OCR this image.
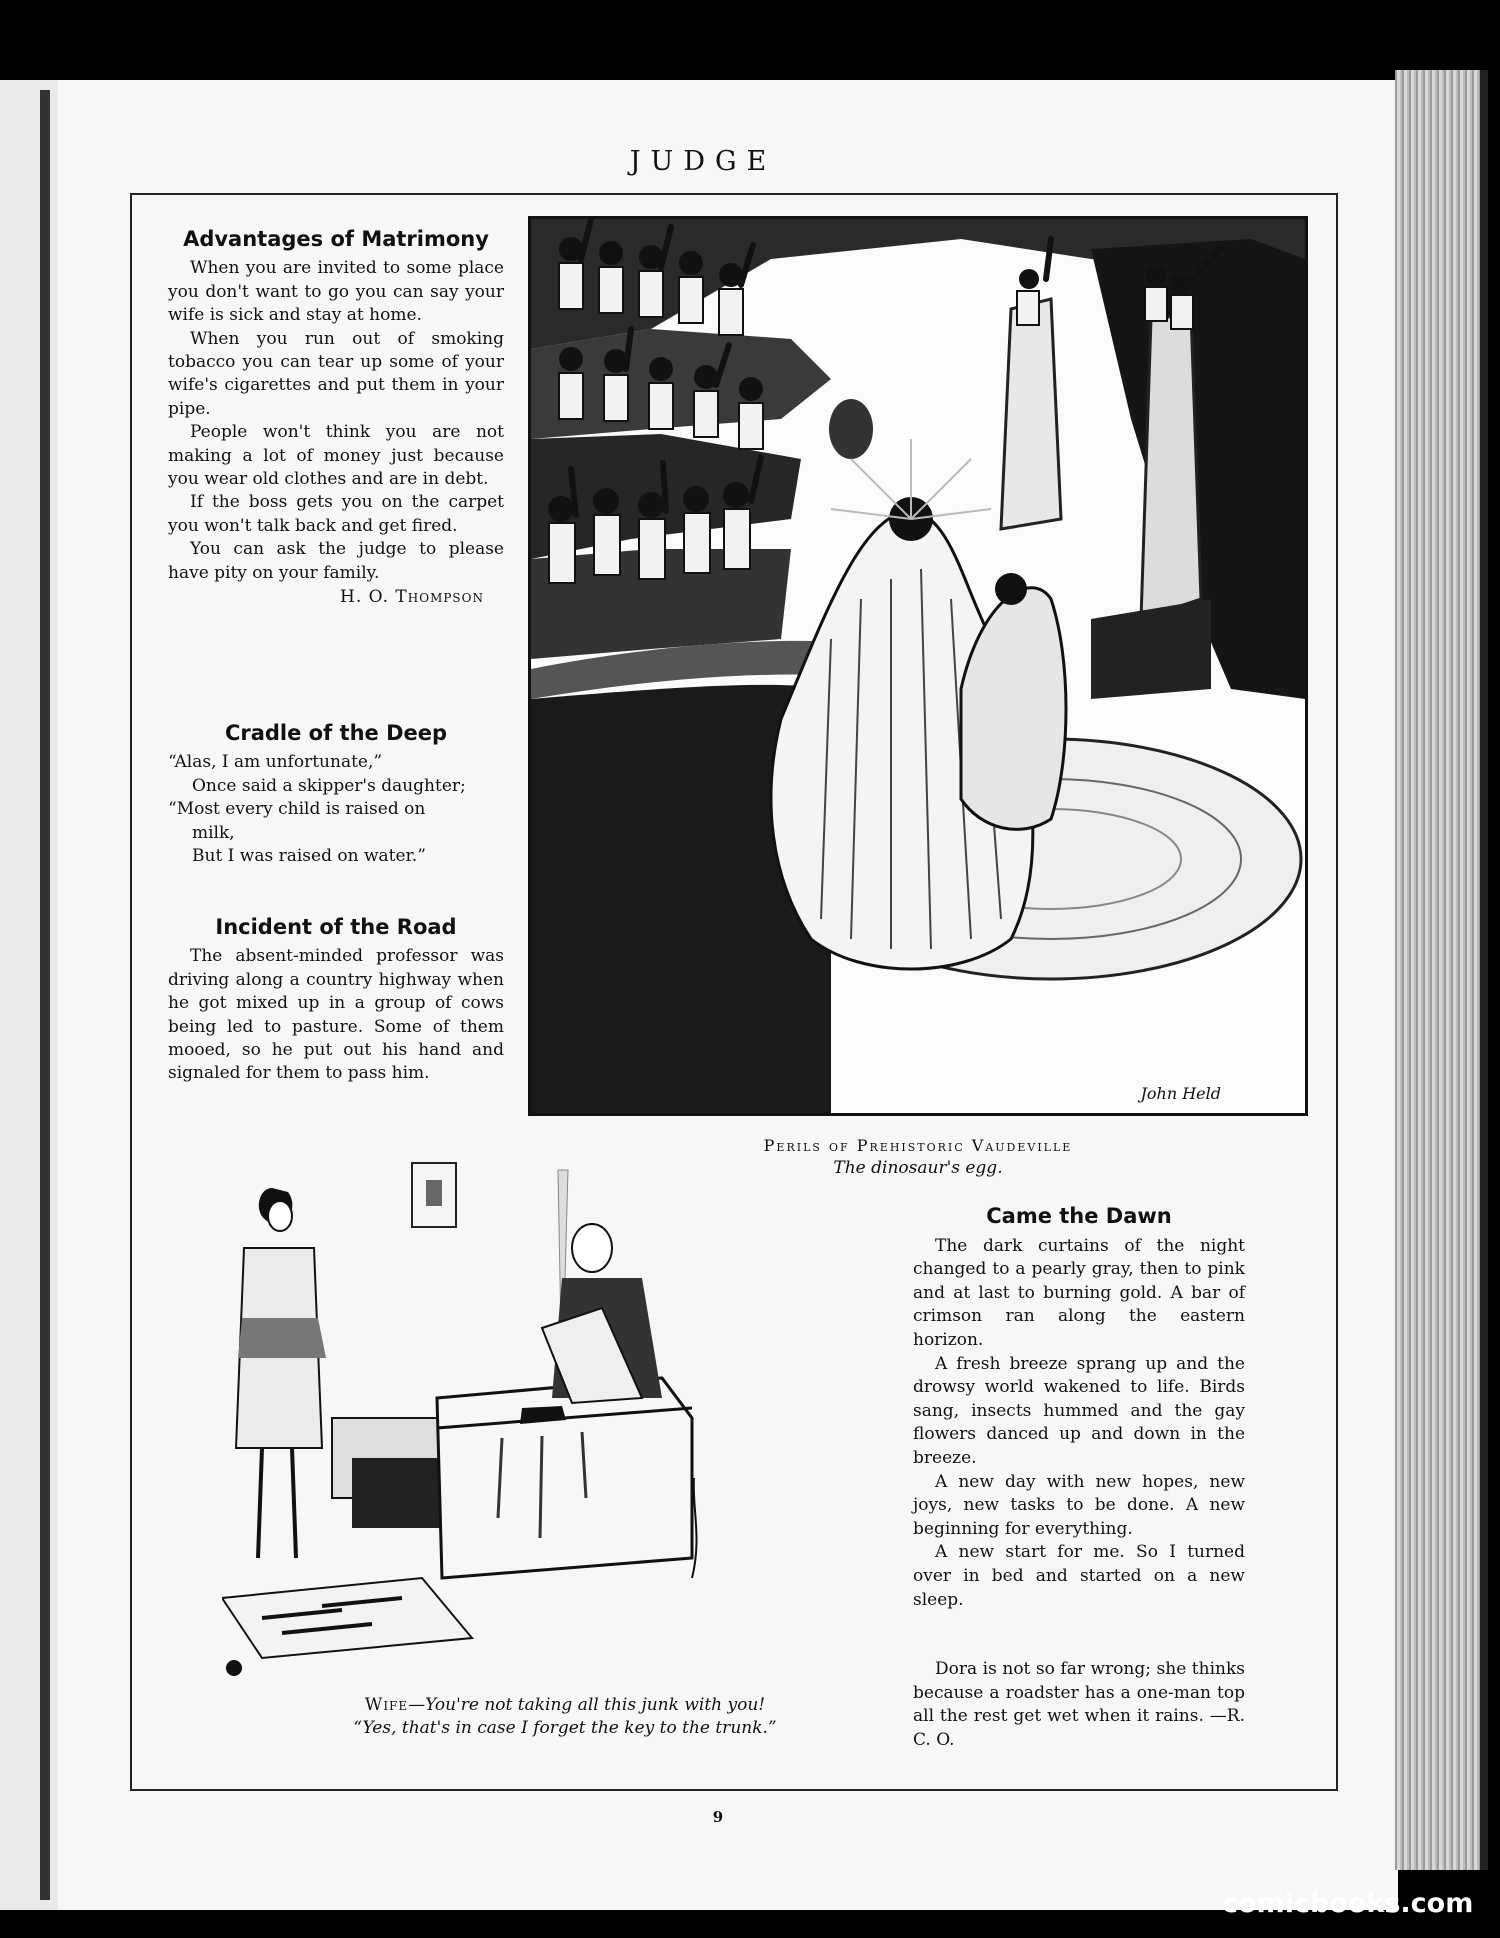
JUDGE
Advantages of Matrimony

When you are invited to some place you don't want to go you can say your wife is sick and stay at home.

When you run out of smoking tobacco you can tear up some of your wife's cigarettes and put them in your pipe.

People won't think you are not making a lot of money just because you wear old clothes and are in debt.

If the boss gets you on the carpet you won't talk back and get fired.

You can ask the judge to please have pity on your family.

H. O. Thompson
Cradle of the Deep
“Alas, I am unfortunate,”
Once said a skipper's daughter;
“Most every child is raised on
milk,
But I was raised on water.”
Incident of the Road

The absent-minded professor was driving along a country highway when he got mixed up in a group of cows being led to pasture. Some of them mooed, so he put out his hand and signaled for them to pass him.

John Held
Perils of Prehistoric Vaudeville
The dinosaur's egg.
Wife—You're not taking all this junk with you!
“Yes, that's in case I forget the key to the trunk.”
Came the Dawn

The dark curtains of the night changed to a pearly gray, then to pink and at last to burning gold. A bar of crimson ran along the eastern horizon.

A fresh breeze sprang up and the drowsy world wakened to life. Birds sang, insects hummed and the gay flowers danced up and down in the breeze.

A new day with new hopes, new joys, new tasks to be done. A new beginning for everything.

A new start for me. So I turned over in bed and started on a new sleep.

Dora is not so far wrong; she thinks because a roadster has a one-man top all the rest get wet when it rains. —R. C. O.

9
comicbooks.com
